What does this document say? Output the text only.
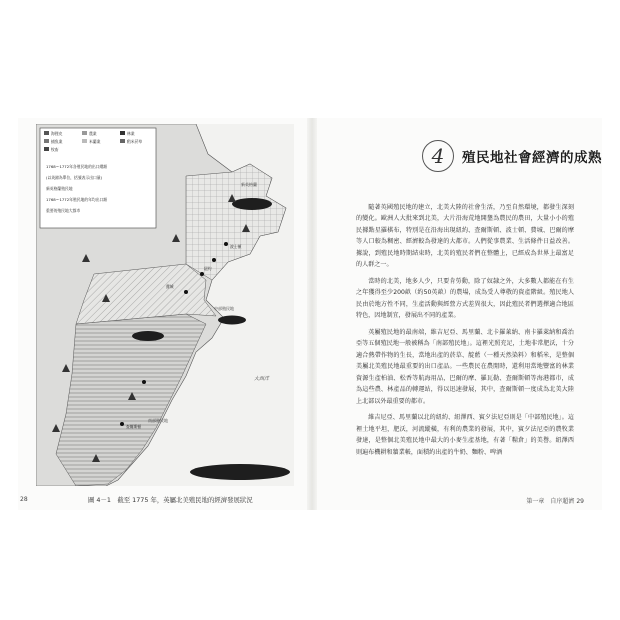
海狸皮	農業	林業
捕魚業	米蘭業	稻米菸草
牧畜
1768～1772年各殖民地的出口總額
(以英鎊為單位，括號表示出口量)
新英格蘭殖民地
1768～1772年殖民地的年均出口額
重要的殖民地大都市
新英格蘭
中部殖民地
南部殖民地
大西洋
紐約
費城
波士頓
查爾斯頓
圖 4－1　截至 1775 年，英屬北美殖民地的經濟發展狀況
28
4	殖民地社會經濟的成熟

隨著英國殖民地的建立，北美大陸的社會生活，乃至自然環境，都發生深刻的變化。歐洲人大批來到北美，大片沿海荒地開墾為農民的農田，大量小小的殖民據點星羅棋布，特別是在沿海出現紐約、查爾斯頓、波士頓、費城、巴爾的摩等人口較為稠密、經濟較為發達的大都市。人們從事農業、生活條件日益改善。據說，到殖民地時期結束時，北美的殖民者們在整體上，已經成為世界上最富足的人群之一。

當時的北美，地多人少，只要肯勞動，除了奴隸之外，大多數人都能在有生之年獲得至少200畝（約50英畝）的農場，成為受人尊敬的資產階級。殖民地人民由於地方性不同，生產活動與經營方式差異很大，因此殖民者們選擇適合地區特色，因地制宜，發展出不同的產業。

英屬殖民地的最南端，維吉尼亞、馬里蘭、北卡羅萊納、南卡羅萊納和喬治亞等五個殖民地一般被稱為「南部殖民地」。這裡光照充足，土地非常肥沃，十分適合熱帶作物的生長，當地出產的菸草、靛藍（一種天然染料）和稻米，是整個美屬北美殖民地最重要的出口產品。一些農民在農閒時，還利用當地豐富的林業資源生產柏油、松香等航海用品，巴爾的摩、羅瓦勒、查爾斯頓等海港都市，成為這些農、林產品的轉運站，得以迅速發展，其中，查爾斯頓一度成為北美大陸上北部以外最重要的都市。

維吉尼亞、馬里蘭以北的紐約、紐澤西、賓夕法尼亞則是「中部殖民地」。這裡土地平坦，肥沃，河流縱橫，有利的農業的發展，其中，賓夕法尼亞的農牧業發達，是整個北美殖民地中最大的小麥生產基地，有著「糧倉」的美譽。紐澤西則遍布機耕和牆業帳，面積約出產的牛奶、麵粉、啤酒

第一章　自序超濟 29
